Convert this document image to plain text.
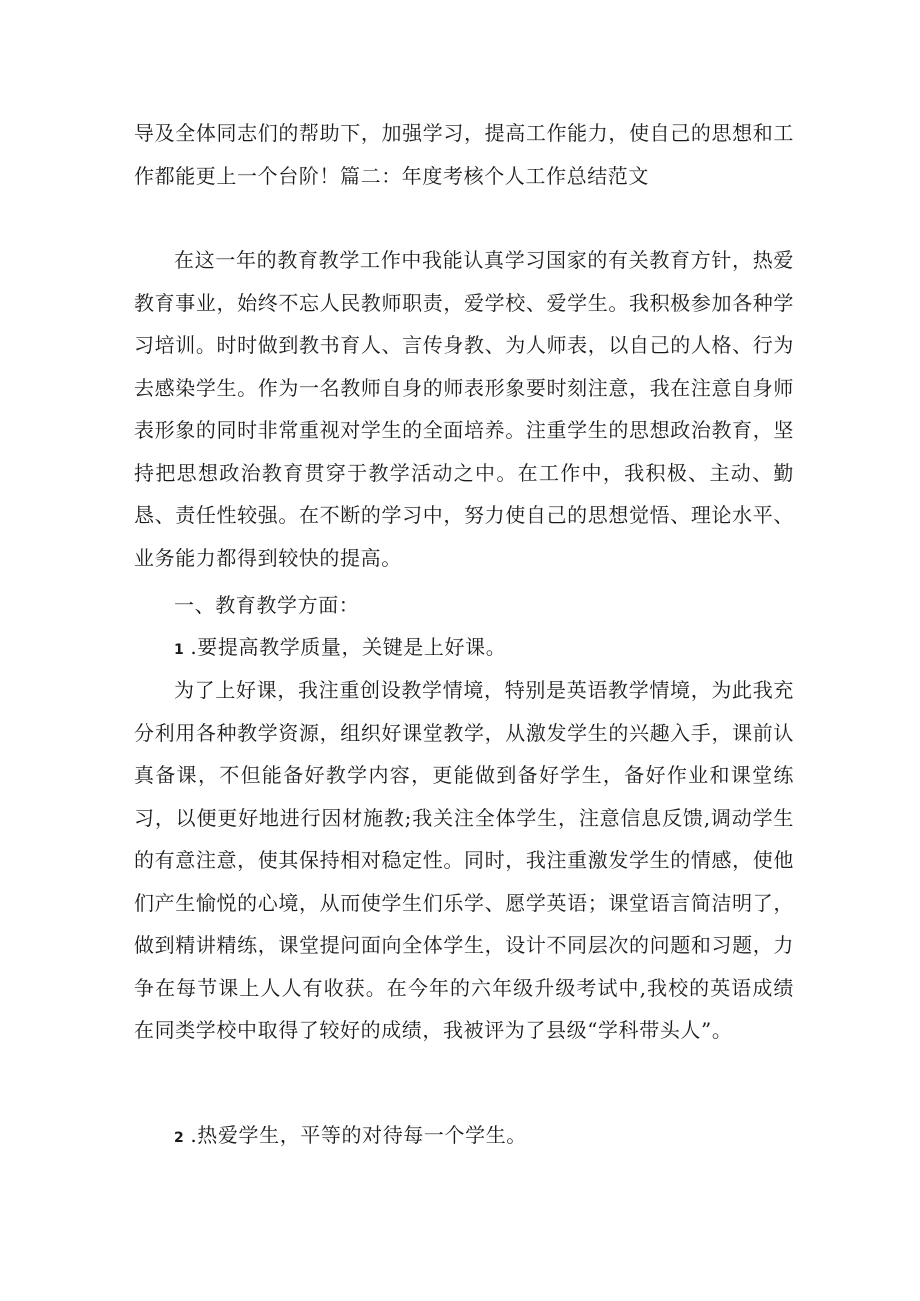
导及全体同志们的帮助下，加强学习，提高工作能力，使自己的思想和工作都能更上一个台阶！篇二：年度考核个人工作总结范文

在这一年的教育教学工作中我能认真学习国家的有关教育方针，热爱教育事业，始终不忘人民教师职责，爱学校、爱学生。我积极参加各种学习培训。时时做到教书育人、言传身教、为人师表，以自己的人格、行为去感染学生。作为一名教师自身的师表形象要时刻注意，我在注意自身师表形象的同时非常重视对学生的全面培养。注重学生的思想政治教育，坚持把思想政治教育贯穿于教学活动之中。在工作中，我积极、主动、勤恳、责任性较强。在不断的学习中，努力使自己的思想觉悟、理论水平、业务能力都得到较快的提高。

一、教育教学方面：

1 .要提高教学质量，关键是上好课。

为了上好课，我注重创设教学情境，特别是英语教学情境，为此我充分利用各种教学资源，组织好课堂教学，从激发学生的兴趣入手，课前认真备课，不但能备好教学内容，更能做到备好学生，备好作业和课堂练习，以便更好地进行因材施教;我关注全体学生，注意信息反馈,调动学生的有意注意，使其保持相对稳定性。同时，我注重激发学生的情感，使他们产生愉悦的心境，从而使学生们乐学、愿学英语；课堂语言简洁明了，做到精讲精练，课堂提问面向全体学生，设计不同层次的问题和习题，力争在每节课上人人有收获。在今年的六年级升级考试中,我校的英语成绩在同类学校中取得了较好的成绩，我被评为了县级“学科带头人”。

2 .热爱学生，平等的对待每一个学生。
